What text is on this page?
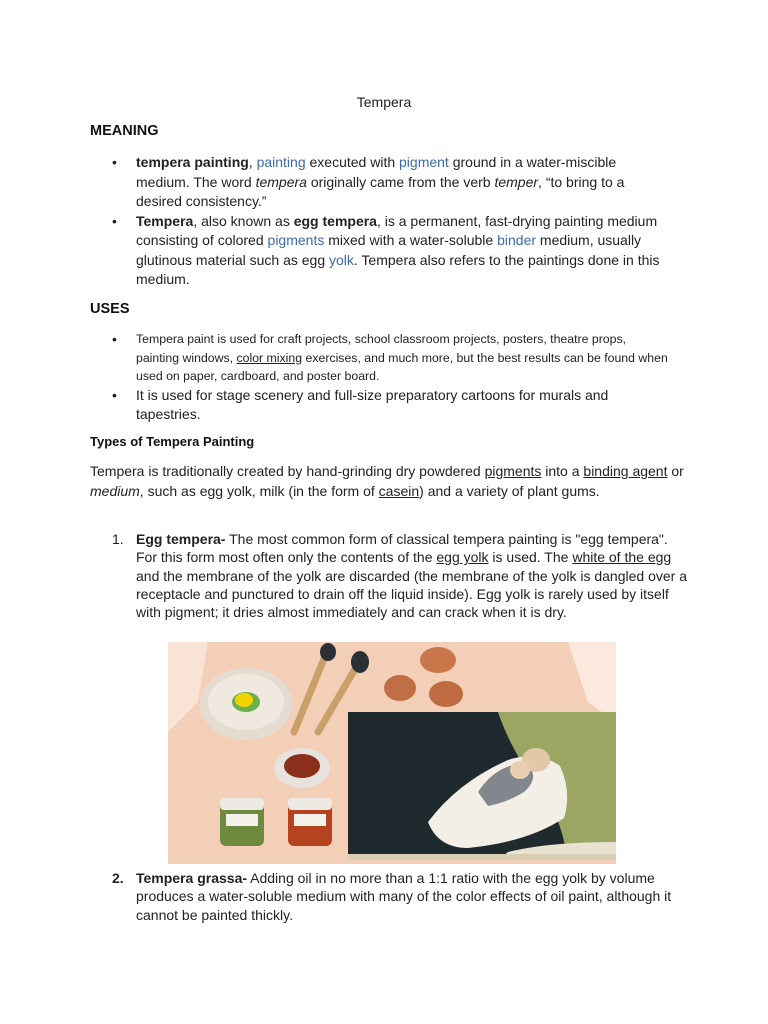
Tempera
MEANING
• tempera painting, painting executed with pigment ground in a water-miscible medium. The word tempera originally came from the verb temper, “to bring to a desired consistency.”
• Tempera, also known as egg tempera, is a permanent, fast-drying painting medium consisting of colored pigments mixed with a water-soluble binder medium, usually glutinous material such as egg yolk. Tempera also refers to the paintings done in this medium.
USES
• Tempera paint is used for craft projects, school classroom projects, posters, theatre props, painting windows, color mixing exercises, and much more, but the best results can be found when used on paper, cardboard, and poster board.
• It is used for stage scenery and full-size preparatory cartoons for murals and tapestries.
Types of Tempera Painting
Tempera is traditionally created by hand-grinding dry powdered pigments into a binding agent or medium, such as egg yolk, milk (in the form of casein) and a variety of plant gums.
1. Egg tempera- The most common form of classical tempera painting is "egg tempera". For this form most often only the contents of the egg yolk is used. The white of the egg and the membrane of the yolk are discarded (the membrane of the yolk is dangled over a receptacle and punctured to drain off the liquid inside). Egg yolk is rarely used by itself with pigment; it dries almost immediately and can crack when it is dry.
2. Tempera grassa- Adding oil in no more than a 1:1 ratio with the egg yolk by volume produces a water-soluble medium with many of the color effects of oil paint, although it cannot be painted thickly.
